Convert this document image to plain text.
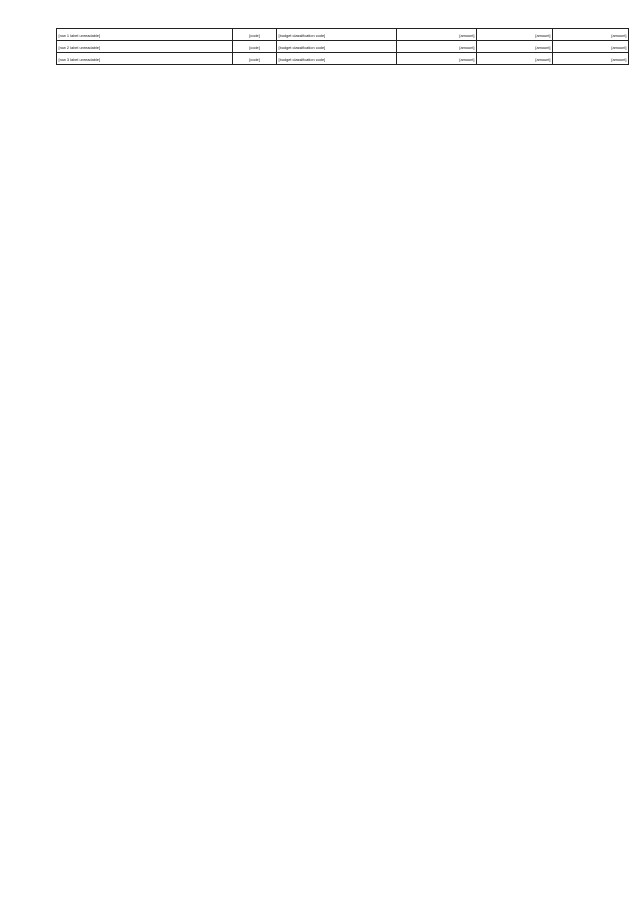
[row 1 label unreadable]	[code]	[budget classification code]	[amount]	[amount]	[amount]
[row 2 label unreadable]	[code]	[budget classification code]	[amount]	[amount]	[amount]
[row 3 label unreadable]	[code]	[budget classification code]	[amount]	[amount]	[amount]
